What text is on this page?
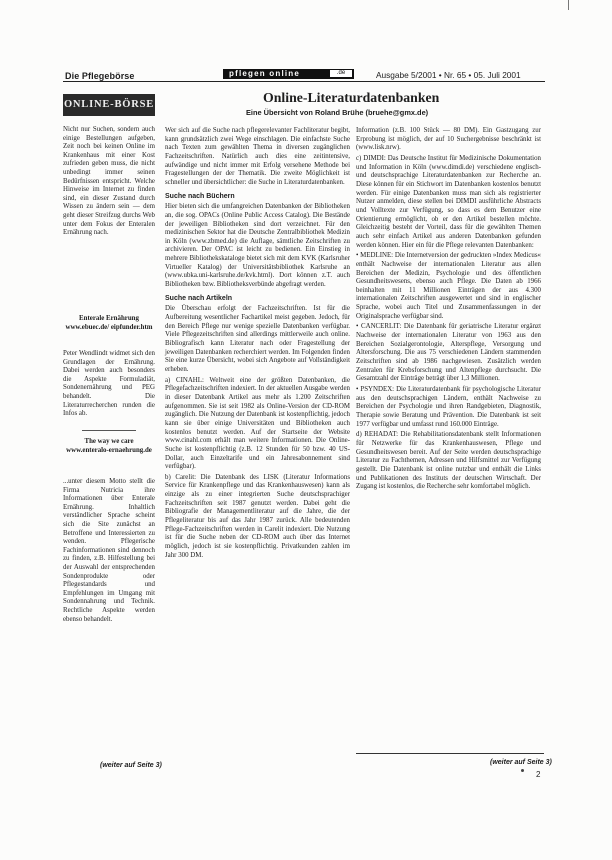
Die Pflegebörse	pflegen online	.de	Ausgabe 5/2001 • Nr. 65 • 05. Juli 2001
ONLINE-BÖRSE

Nicht nur Suchen, sondern auch einige Bestellungen aufgeben, Zeit noch bei keinen Online im Krankenhaus mit einer Kost zufrieden geben muss, die nicht unbedingt immer seinen Bedürfnissen entspricht. Welche Hinweise im Internet zu finden sind, ein dieser Zustand durch Wissen zu ändern sein — dem geht dieser Streifzug durchs Web unter dem Fokus der Enteralen Ernährung nach.

Enterale Ernährung

www.ebuec.de/ eipfunder.htm

Peter Wendlindt widmet sich den Grundlagen der Ernährung. Dabei werden auch besonders die Aspekte Formuladiät, Sondenernährung und PEG behandelt. Die Literaturrecherchen runden die Infos ab.

The way we care

www.enteralo-ernaehrung.de

...unter diesem Motto stellt die Firma Nutricia ihre Informationen über Enterale Ernährung. Inhaltlich verständlicher Sprache scheint sich die Site zunächst an Betroffene und Interessierten zu wenden. Pflegerische Fachinformationen sind dennoch zu finden, z.B. Hilfestellung bei der Auswahl der entsprechenden Sondenprodukte oder Pflegestandards und Empfehlungen im Umgang mit Sondennahrung und Technik. Rechtliche Aspekte werden ebenso behandelt.

(weiter auf Seite 3)
Online-Literaturdatenbanken
Eine Übersicht von Roland Brühe (bruehe@gmx.de)

Wer sich auf die Suche nach pflegerelevanter Fachliteratur begibt, kann grundsätzlich zwei Wege einschlagen. Die einfachste Suche nach Texten zum gewählten Thema in diversen zugänglichen Fachzeitschriften. Natürlich auch dies eine zeitintensive, aufwändige und nicht immer mit Erfolg versehene Methode bei Fragestellungen der der Thematik. Die zweite Möglichkeit ist schneller und übersichtlicher: die Suche in Literaturdatenbanken.

Suche nach Büchern

Hier bieten sich die umfangreichen Datenbanken der Bibliotheken an, die sog. OPACs (Online Public Access Catalog). Die Bestände der jeweiligen Bibliotheken sind dort verzeichnet. Für den medizinischen Sektor hat die Deutsche Zentralbibliothek Medizin in Köln (www.zbmed.de) die Auflage, sämtliche Zeitschriften zu archivieren. Der OPAC ist leicht zu bedienen. Ein Einstieg in mehrere Bibliothekskataloge bietet sich mit dem KVK (Karlsruher Virtueller Katalog) der Universitätsbibliothek Karlsruhe an (www.ubka.uni-karlsruhe.de/kvk.html). Dort können z.T. auch Bibliotheken bzw. Bibliotheksverbünde abgefragt werden.

Suche nach Artikeln

Die Überschau erfolgt der Fachzeitschriften. Ist für die Aufbereitung wesentlicher Fachartikel meist gegeben. Jedoch, für den Bereich Pflege nur wenige spezielle Datenbanken verfügbar. Viele Pflegezeitschriften sind allerdings mittlerweile auch online. Bibliografisch kann Literatur nach oder Fragestellung der jeweiligen Datenbanken recherchiert werden. Im Folgenden finden Sie eine kurze Übersicht, wobei sich Angebote auf Vollständigkeit erheben.

a) CINAHL: Weltweit eine der größten Datenbanken, die Pflegefachzeitschriften indexiert. In der aktuellen Ausgabe werden in dieser Datenbank Artikel aus mehr als 1.200 Zeitschriften aufgenommen. Sie ist seit 1982 als Online-Version der CD-ROM zugänglich. Die Nutzung der Datenbank ist kostenpflichtig, jedoch kann sie über einige Universitäten und Bibliotheken auch kostenlos benutzt werden. Auf der Startseite der Website www.cinahl.com erhält man weitere Informationen. Die Online-Suche ist kostenpflichtig (z.B. 12 Stunden für 50 bzw. 40 US-Dollar, auch Einzeltarife und ein Jahresabonnement sind verfügbar).

b) Carelit: Die Datenbank des LISK (Literatur Informations Service für Krankenpflege und das Krankenhauswesen) kann als einzige als zu einer integrierten Suche deutschsprachiger Fachzeitschriften seit 1987 genutzt werden. Dabei geht die Bibliografie der Managementliteratur auf die Jahre, die der Pflegeliteratur bis auf das Jahr 1987 zurück. Alle bedeutenden Pflege-Fachzeitschriften werden in Carelit indexiert. Die Nutzung ist für die Suche neben der CD-ROM auch über das Internet möglich, jedoch ist sie kostenpflichtig. Privatkunden zahlen im Jahr 300 DM.

Information (z.B. 100 Stück — 80 DM). Ein Gastzugang zur Erprobung ist möglich, der auf 10 Suchergebnisse beschränkt ist (www.lisk.nrw).

c) DIMDI: Das Deutsche Institut für Medizinische Dokumentation und Information in Köln (www.dimdi.de) verschiedene englisch- und deutschsprachige Literaturdatenbanken zur Recherche an. Diese können für ein Stichwort im Datenbanken kostenlos benutzt werden. Für einige Datenbanken muss man sich als registrierter Nutzer anmelden, diese stellen bei DIMDI ausführliche Abstracts und Volltexte zur Verfügung, so dass es dem Benutzer eine Orientierung ermöglicht, ob er den Artikel bestellen möchte. Gleichzeitig besteht der Vorteil, dass für die gewählten Themen auch sehr einfach Artikel aus anderen Datenbanken gefunden werden können. Hier ein für die Pflege relevanten Datenbanken:

• MEDLINE: Die Internetversion der gedruckten »Index Medicus« enthält Nachweise der internationalen Literatur aus allen Bereichen der Medizin, Psychologie und des öffentlichen Gesundheitswesens, ebenso auch Pflege. Die Daten ab 1966 beinhalten mit 11 Millionen Einträgen der aus 4.300 internationalen Zeitschriften ausgewertet und sind in englischer Sprache, wobei auch Titel und Zusammenfassungen in der Originalsprache verfügbar sind.

• CANCERLIT: Die Datenbank für geriatrische Literatur ergänzt Nachweise der internationalen Literatur von 1963 aus den Bereichen Sozialgerontologie, Alterspflege, Versorgung und Altersforschung. Die aus 75 verschiedenen Ländern stammenden Zeitschriften sind ab 1986 nachgewiesen. Zusätzlich werden Zentralen für Krebsforschung und Altenpflege durchsucht. Die Gesamtzahl der Einträge beträgt über 1,3 Millionen.

• PSYNDEX: Die Literaturdatenbank für psychologische Literatur aus den deutschsprachigen Ländern, enthält Nachweise zu Bereichen der Psychologie und ihren Randgebieten, Diagnostik, Therapie sowie Beratung und Prävention. Die Datenbank ist seit 1977 verfügbar und umfasst rund 160.000 Einträge.

d) REHADAT: Die Rehabilitationsdatenbank stellt Informationen für Netzwerke für das Krankenhauswesen, Pflege und Gesundheitswesen bereit. Auf der Seite werden deutschsprachige Literatur zu Fachthemen, Adressen und Hilfsmittel zur Verfügung gestellt. Die Datenbank ist online nutzbar und enthält die Links und Publikationen des Instituts der deutschen Wirtschaft. Der Zugang ist kostenlos, die Recherche sehr komfortabel möglich.

(weiter auf Seite 3)
2
